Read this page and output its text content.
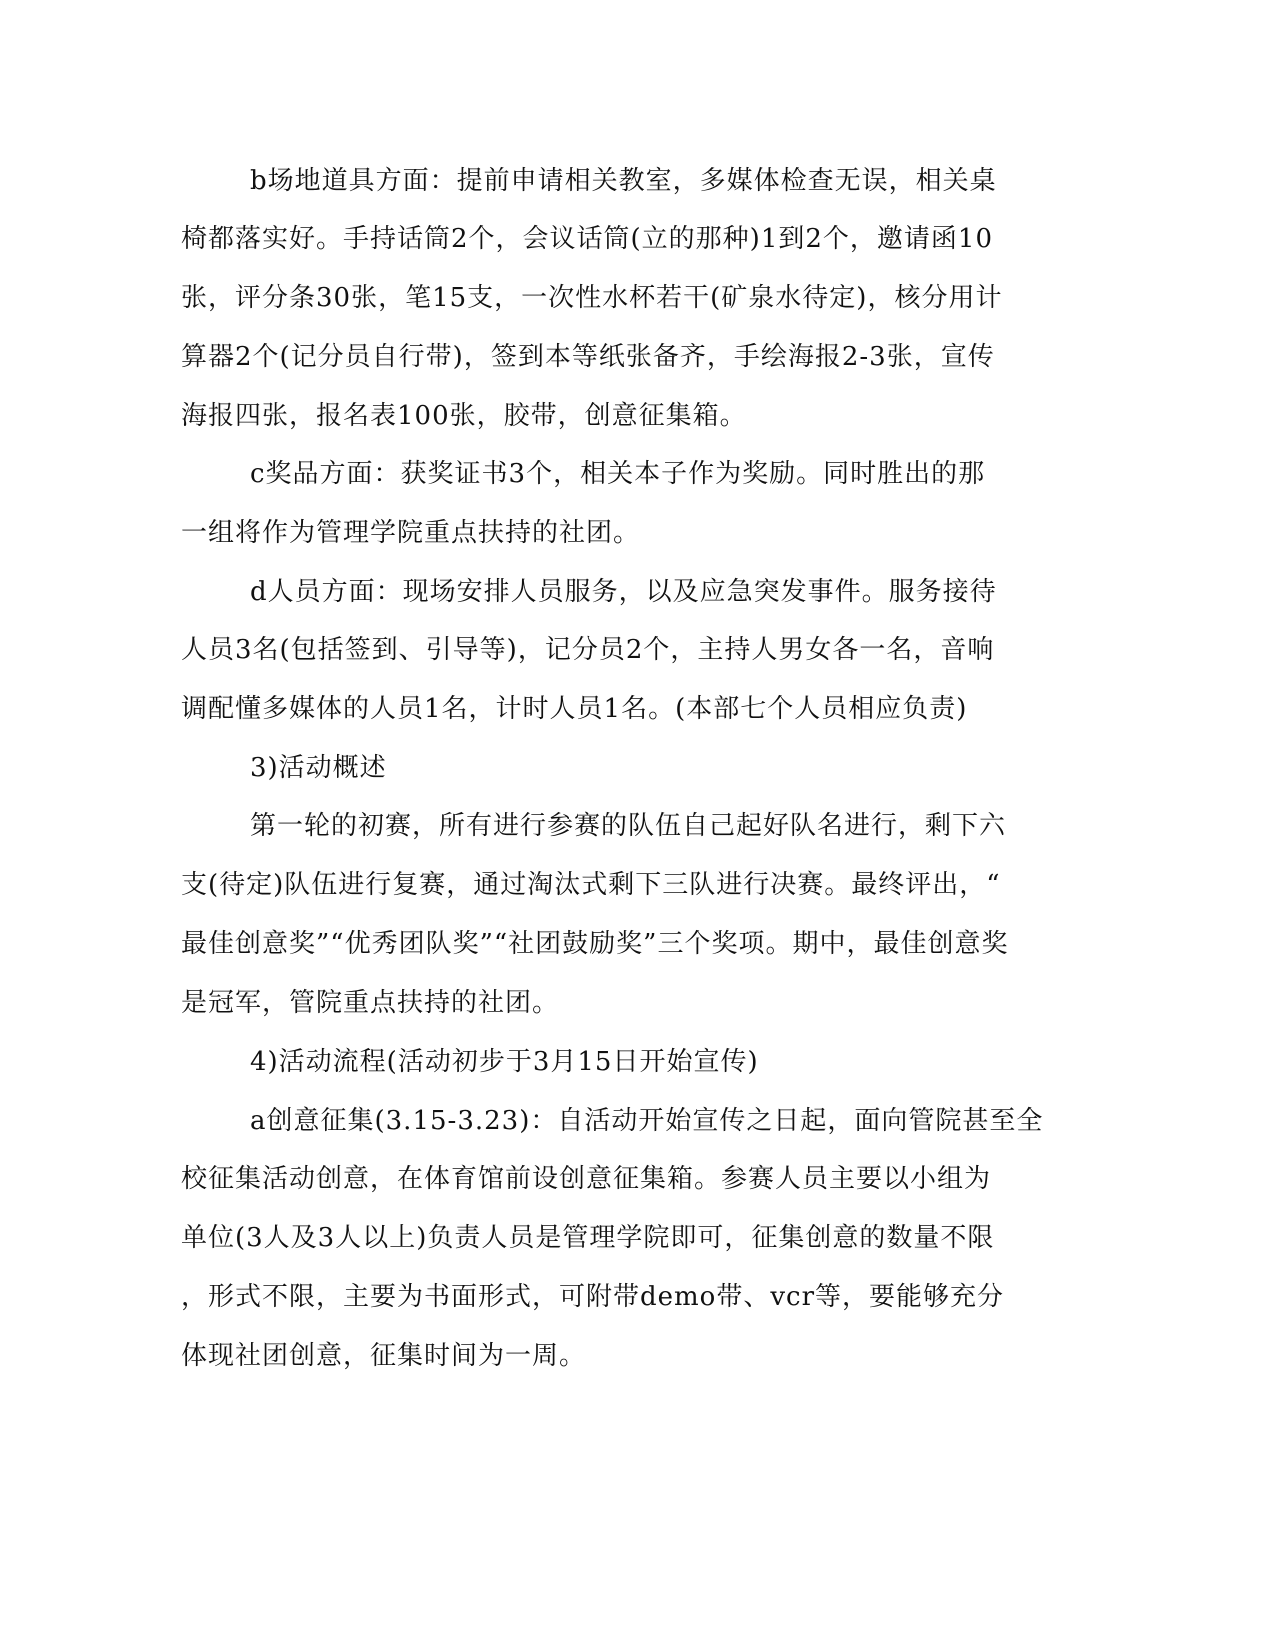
b场地道具方面：提前申请相关教室，多媒体检查无误，相关桌

椅都落实好。手持话筒2个，会议话筒(立的那种)1到2个，邀请函10

张，评分条30张，笔15支，一次性水杯若干(矿泉水待定)，核分用计

算器2个(记分员自行带)，签到本等纸张备齐，手绘海报2-3张，宣传

海报四张，报名表100张，胶带，创意征集箱。

c奖品方面：获奖证书3个，相关本子作为奖励。同时胜出的那

一组将作为管理学院重点扶持的社团。

d人员方面：现场安排人员服务，以及应急突发事件。服务接待

人员3名(包括签到、引导等)，记分员2个，主持人男女各一名，音响

调配懂多媒体的人员1名，计时人员1名。(本部七个人员相应负责)

3)活动概述

第一轮的初赛，所有进行参赛的队伍自己起好队名进行，剩下六

支(待定)队伍进行复赛，通过淘汰式剩下三队进行决赛。最终评出，“

最佳创意奖”“优秀团队奖”“社团鼓励奖”三个奖项。期中，最佳创意奖

是冠军，管院重点扶持的社团。

4)活动流程(活动初步于3月15日开始宣传)

a创意征集(3.15-3.23)：自活动开始宣传之日起，面向管院甚至全

校征集活动创意，在体育馆前设创意征集箱。参赛人员主要以小组为

单位(3人及3人以上)负责人员是管理学院即可，征集创意的数量不限

，形式不限，主要为书面形式，可附带demo带、vcr等，要能够充分

体现社团创意，征集时间为一周。
